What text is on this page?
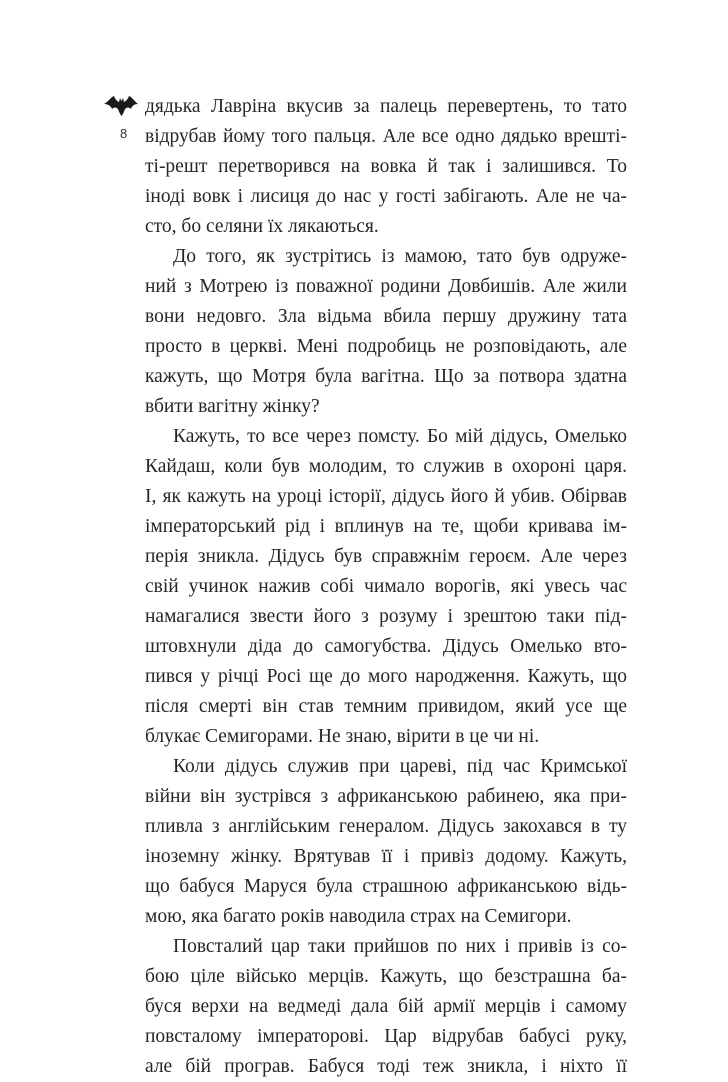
8
дядька Лавріна вкусив за палець перевертень, то тато
відрубав йому того пальця. Але все одно дядько врешті-
ті-решт перетворився на вовка й так і залишився. То
іноді вовк і лисиця до нас у гості забігають. Але не ча-
сто, бо селяни їх лякаються.
До того, як зустрітись із мамою, тато був одруже-
ний з Мотрею із поважної родини Довбишів. Але жили
вони недовго. Зла відьма вбила першу дружину тата
просто в церкві. Мені подробиць не розповідають, але
кажуть, що Мотря була вагітна. Що за потвора здатна
вбити вагітну жінку?
Кажуть, то все через помсту. Бо мій дідусь, Омелько
Кайдаш, коли був молодим, то служив в охороні царя.
І, як кажуть на уроці історії, дідусь його й убив. Обірвав
імператорський рід і вплинув на те, щоби кривава ім-
перія зникла. Дідусь був справжнім героєм. Але через
свій учинок нажив собі чимало ворогів, які увесь час
намагалися звести його з розуму і зрештою таки під-
штовхнули діда до самогубства. Дідусь Омелько вто-
пився у річці Росі ще до мого народження. Кажуть, що
після смерті він став темним привидом, який усе ще
блукає Семигорами. Не знаю, вірити в це чи ні.
Коли дідусь служив при цареві, під час Кримської
війни він зустрівся з африканською рабинею, яка при-
пливла з англійським генералом. Дідусь закохався в ту
іноземну жінку. Врятував її і привіз додому. Кажуть,
що бабуся Маруся була страшною африканською відь-
мою, яка багато років наводила страх на Семигори.
Повсталий цар таки прийшов по них і привів із со-
бою ціле військо мерців. Кажуть, що безстрашна ба-
буся верхи на ведмеді дала бій армії мерців і самому
повсталому імператорові. Цар відрубав бабусі руку,
але бій програв. Бабуся тоді теж зникла, і ніхто її
